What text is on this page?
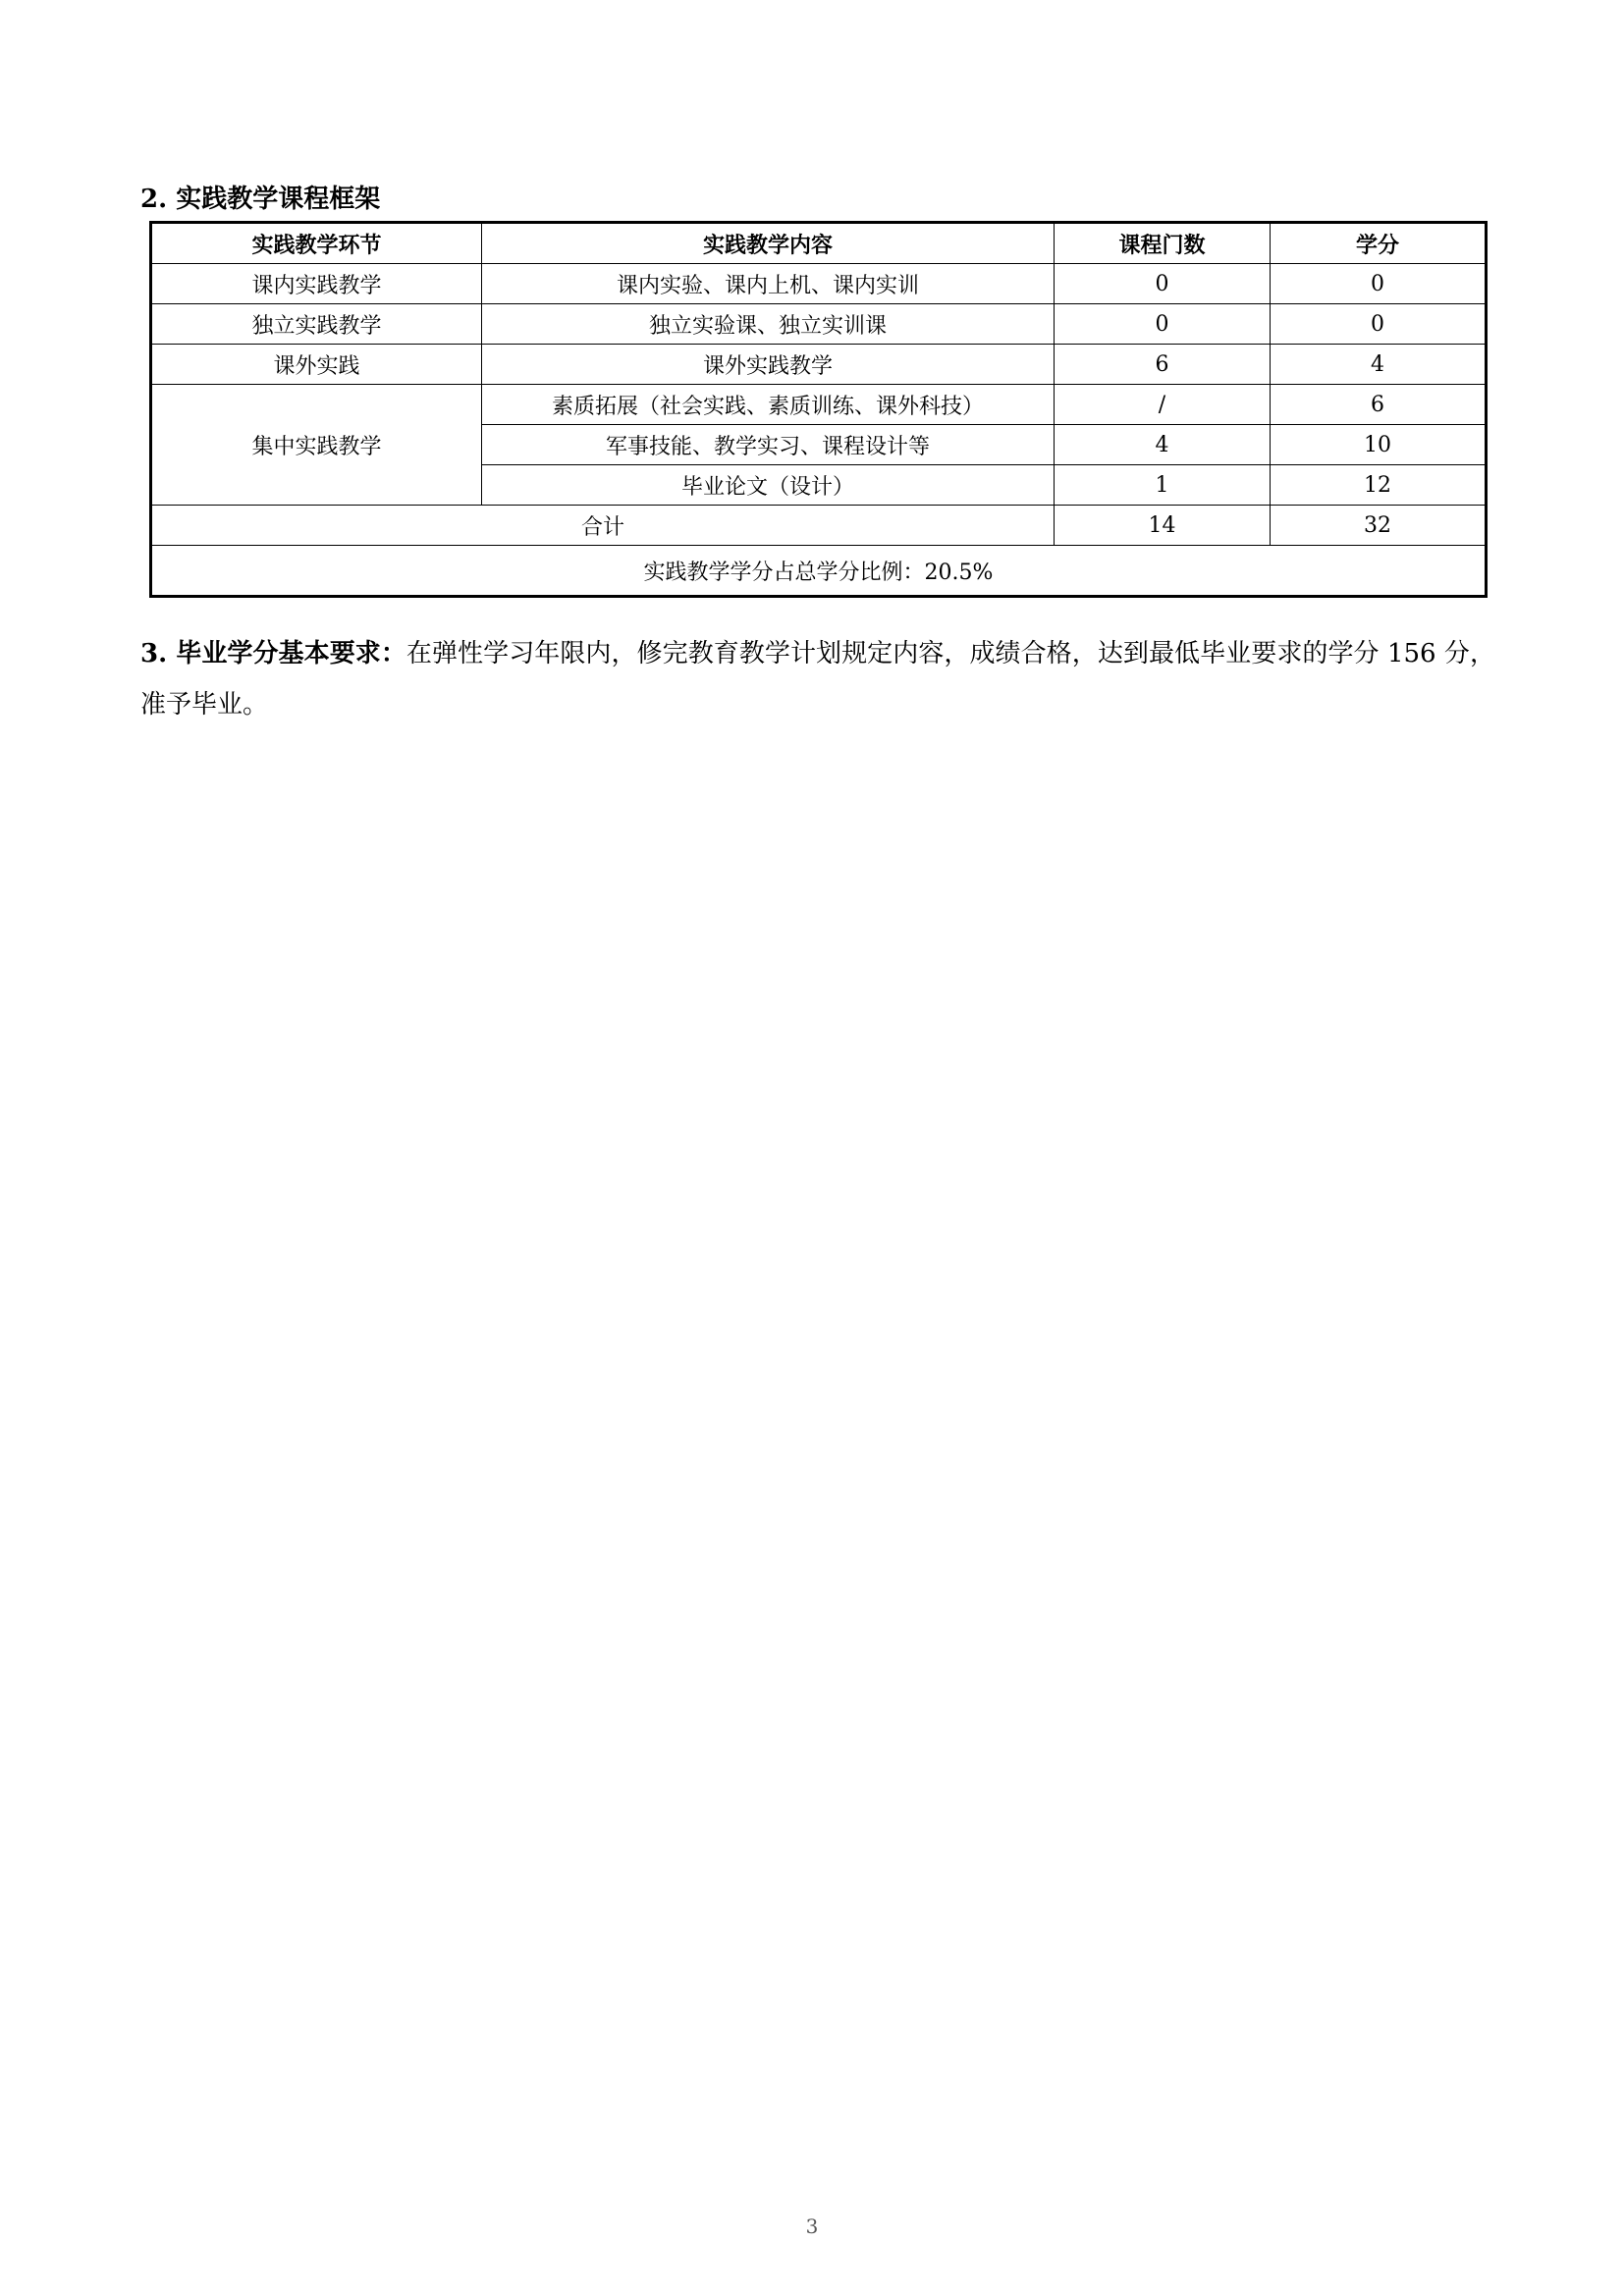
2. 实践教学课程框架
实践教学环节	实践教学内容	课程门数	学分
课内实践教学	课内实验、课内上机、课内实训	0	0
独立实践教学	独立实验课、独立实训课	0	0
课外实践	课外实践教学	6	4
集中实践教学	素质拓展（社会实践、素质训练、课外科技）	/	6
	军事技能、教学实习、课程设计等	4	10
	毕业论文（设计）	1	12
合计		14	32
实践教学学分占总学分比例：20.5%			
3. 毕业学分基本要求：在弹性学习年限内，修完教育教学计划规定内容，成绩合格，达到最低毕业要求的学分 156 分，准予毕业。
3
